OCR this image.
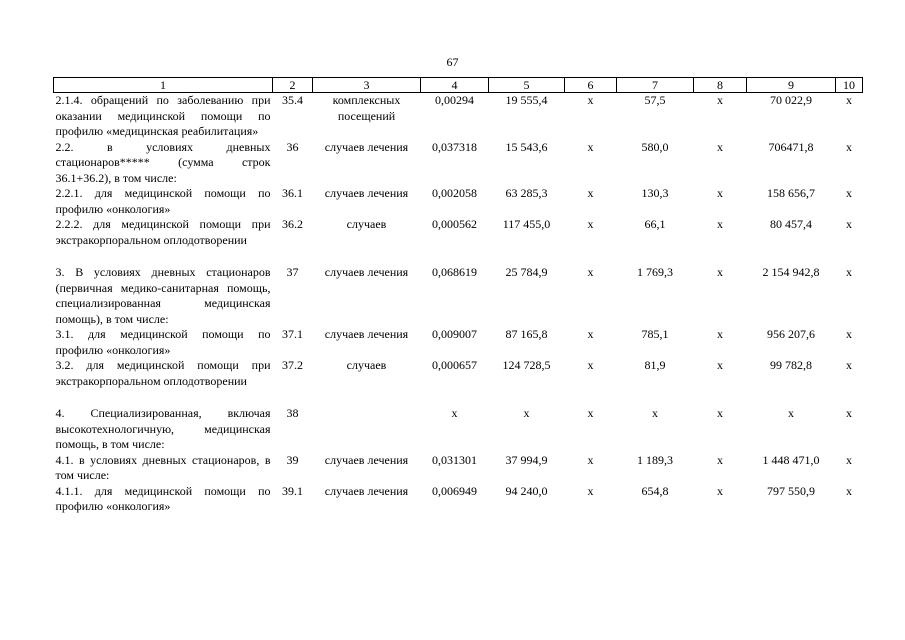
67
1	2	3	4	5	6	7	8	9	10
2.1.4. обращений по заболеванию при оказании медицинской помощи по профилю «медицинская реабилитация»	35.4	комплексных посещений	0,00294	19 555,4	х	57,5	х	70 022,9	х
2.2. в условиях дневных стационаров***** (сумма строк 36.1+36.2), в том числе:	36	случаев лечения	0,037318	15 543,6	х	580,0	х	706471,8	х
2.2.1. для медицинской помощи по профилю «онкология»	36.1	случаев лечения	0,002058	63 285,3	х	130,3	х	158 656,7	х
2.2.2. для медицинской помощи при экстракорпоральном оплодотворении	36.2	случаев	0,000562	117 455,0	х	66,1	х	80 457,4	х

3. В условиях дневных стационаров (первичная медико-санитарная помощь, специализированная медицинская помощь), в том числе:	37	случаев лечения	0,068619	25 784,9	х	1 769,3	х	2 154 942,8	х
3.1. для медицинской помощи по профилю «онкология»	37.1	случаев лечения	0,009007	87 165,8	х	785,1	х	956 207,6	х
3.2. для медицинской помощи при экстракорпоральном оплодотворении	37.2	случаев	0,000657	124 728,5	х	81,9	х	99 782,8	х

4. Специализированная, включая высокотехнологичную, медицинская помощь, в том числе:	38		х	х	х	х	х	х	х
4.1. в условиях дневных стационаров, в том числе:	39	случаев лечения	0,031301	37 994,9	х	1 189,3	х	1 448 471,0	х
4.1.1. для медицинской помощи по профилю «онкология»	39.1	случаев лечения	0,006949	94 240,0	х	654,8	х	797 550,9	х
